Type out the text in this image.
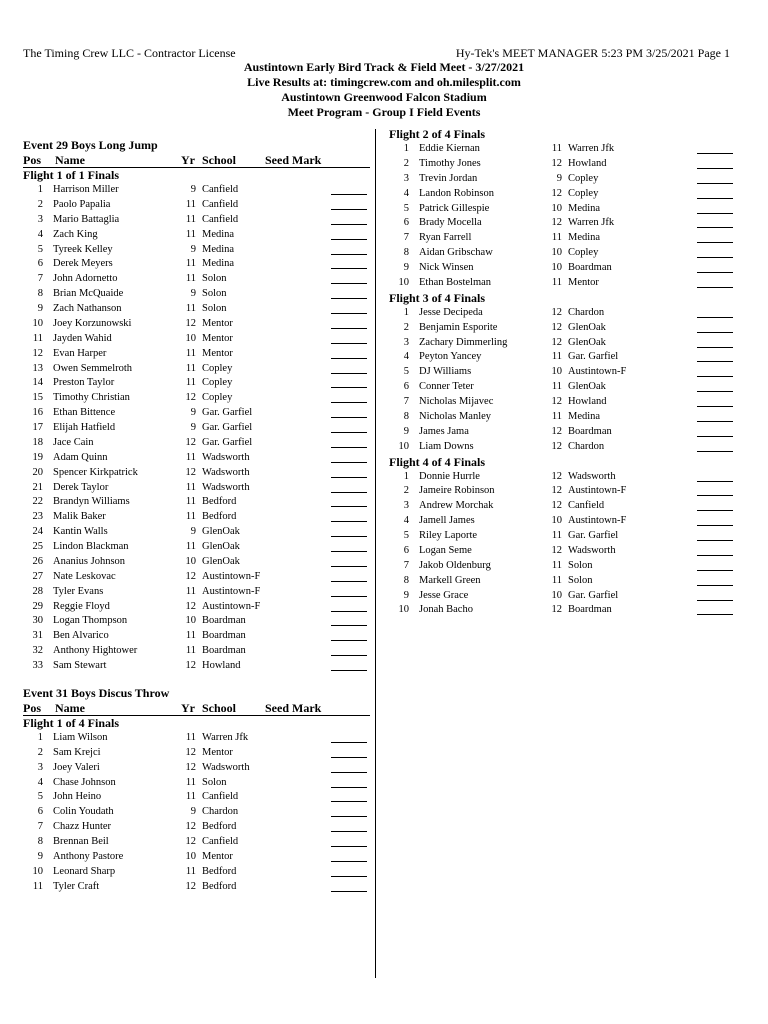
The Timing Crew LLC - Contractor License	Hy-Tek's MEET MANAGER 5:23 PM 3/25/2021 Page 1
Austintown Early Bird Track & Field Meet - 3/27/2021
Live Results at: timingcrew.com and oh.milesplit.com
Austintown Greenwood Falcon Stadium
Meet Program - Group I Field Events
Event 29 Boys Long Jump
Pos Name	Yr School Seed Mark
Flight 1 of 1 Finals
1 Harrison Miller	9 Canfield
2 Paolo Papalia	11 Canfield
3 Mario Battaglia	11 Canfield
4 Zach King	11 Medina
5 Tyreek Kelley	9 Medina
6 Derek Meyers	11 Medina
7 John Adornetto	11 Solon
8 Brian McQuaide	9 Solon
9 Zach Nathanson	11 Solon
10 Joey Korzunowski	12 Mentor
11 Jayden Wahid	10 Mentor
12 Evan Harper	11 Mentor
13 Owen Semmelroth	11 Copley
14 Preston Taylor	11 Copley
15 Timothy Christian	12 Copley
16 Ethan Bittence	9 Gar. Garfiel
17 Elijah Hatfield	9 Gar. Garfiel
18 Jace Cain	12 Gar. Garfiel
19 Adam Quinn	11 Wadsworth
20 Spencer Kirkpatrick	12 Wadsworth
21 Derek Taylor	11 Wadsworth
22 Brandyn Williams	11 Bedford
23 Malik Baker	11 Bedford
24 Kantin Walls	9 GlenOak
25 Lindon Blackman	11 GlenOak
26 Ananius Johnson	10 GlenOak
27 Nate Leskovac	12 Austintown-F
28 Tyler Evans	11 Austintown-F
29 Reggie Floyd	12 Austintown-F
30 Logan Thompson	10 Boardman
31 Ben Alvarico	11 Boardman
32 Anthony Hightower	11 Boardman
33 Sam Stewart	12 Howland
Event 31 Boys Discus Throw
Pos Name	Yr School Seed Mark
Flight 1 of 4 Finals
1 Liam Wilson	11 Warren Jfk
2 Sam Krejci	12 Mentor
3 Joey Valeri	12 Wadsworth
4 Chase Johnson	11 Solon
5 John Heino	11 Canfield
6 Colin Youdath	9 Chardon
7 Chazz Hunter	12 Bedford
8 Brennan Beil	12 Canfield
9 Anthony Pastore	10 Mentor
10 Leonard Sharp	11 Bedford
11 Tyler Craft	12 Bedford
Flight 2 of 4 Finals
1 Eddie Kiernan	11 Warren Jfk
2 Timothy Jones	12 Howland
3 Trevin Jordan	9 Copley
4 Landon Robinson	12 Copley
5 Patrick Gillespie	10 Medina
6 Brady Mocella	12 Warren Jfk
7 Ryan Farrell	11 Medina
8 Aidan Gribschaw	10 Copley
9 Nick Winsen	10 Boardman
10 Ethan Bostelman	11 Mentor
Flight 3 of 4 Finals
1 Jesse Decipeda	12 Chardon
2 Benjamin Esporite	12 GlenOak
3 Zachary Dimmerling	12 GlenOak
4 Peyton Yancey	11 Gar. Garfiel
5 DJ Williams	10 Austintown-F
6 Conner Teter	11 GlenOak
7 Nicholas Mijavec	12 Howland
8 Nicholas Manley	11 Medina
9 James Jama	12 Boardman
10 Liam Downs	12 Chardon
Flight 4 of 4 Finals
1 Donnie Hurrle	12 Wadsworth
2 Jameire Robinson	12 Austintown-F
3 Andrew Morchak	12 Canfield
4 Jamell James	10 Austintown-F
5 Riley Laporte	11 Gar. Garfiel
6 Logan Seme	12 Wadsworth
7 Jakob Oldenburg	11 Solon
8 Markell Green	11 Solon
9 Jesse Grace	10 Gar. Garfiel
10 Jonah Bacho	12 Boardman
